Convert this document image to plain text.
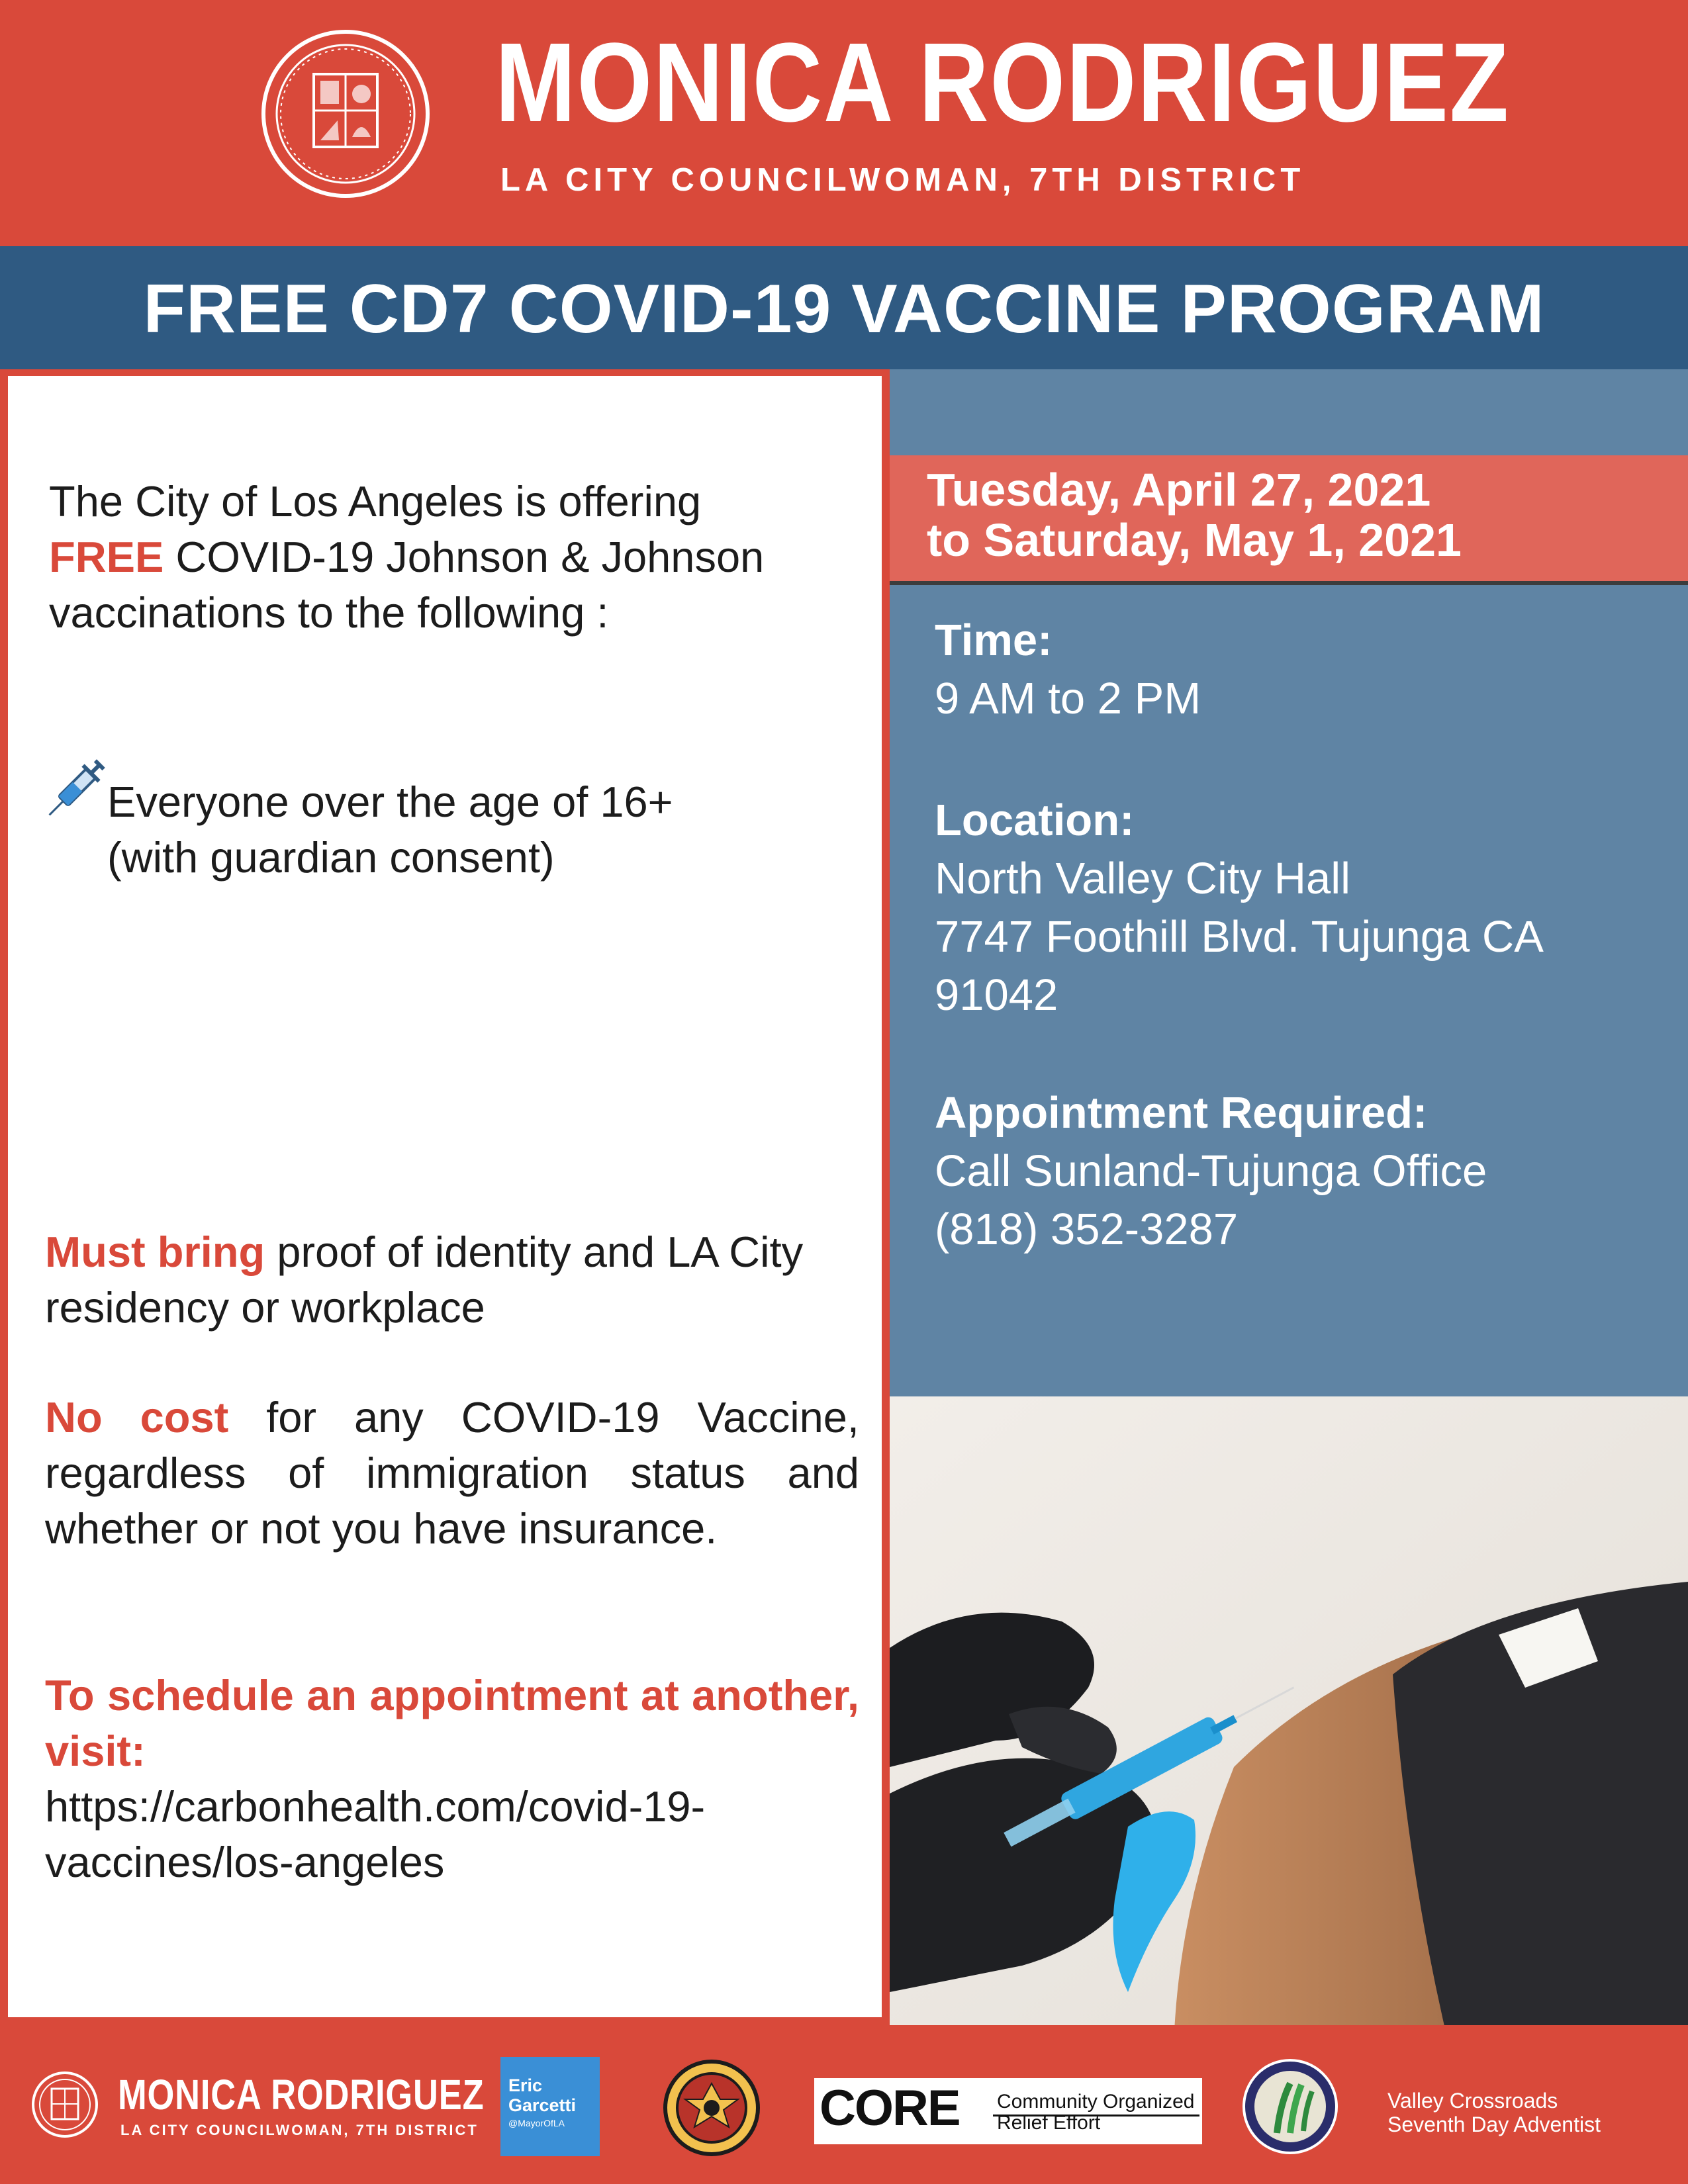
MONICA RODRIGUEZ
LA CITY COUNCILWOMAN, 7TH DISTRICT
FREE CD7 COVID-19 VACCINE PROGRAM
The City of Los Angeles is offering
FREE COVID-19 Johnson & Johnson vaccinations to the following :
Everyone over the age of 16+
(with guardian consent)
Must bring proof of identity and LA City residency or workplace
No cost for any COVID-19 Vaccine, regardless of immigration status and whether or not you have insurance.
To schedule an appointment at another, visit:
https://carbonhealth.com/covid-19-
vaccines/los-angeles
Tuesday, April 27, 2021
to Saturday, May 1, 2021
Time:
9 AM to 2 PM
Location:
North Valley City Hall
7747 Foothill Blvd. Tujunga CA
91042
Appointment Required:
Call Sunland-Tujunga Office
(818) 352-3287
MONICA RODRIGUEZ
LA CITY COUNCILWOMAN, 7TH DISTRICT
Eric
Garcetti
@MayorOfLA	CORE Community Organized
Relief Effort
Valley Crossroads
Seventh Day Adventist
